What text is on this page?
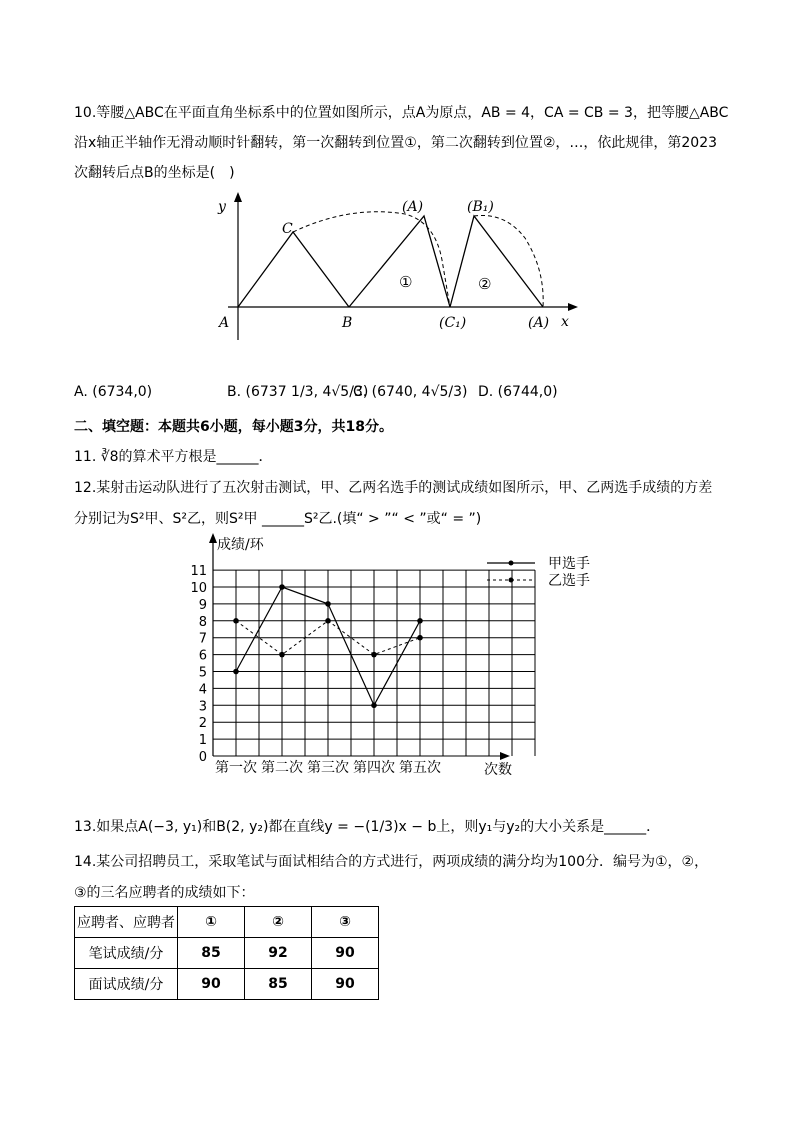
10.等腰△ABC在平面直角坐标系中的位置如图所示，点A为原点，AB = 4，CA = CB = 3，把等腰△ABC
沿x轴正半轴作无滑动顺时针翻转，第一次翻转到位置①，第二次翻转到位置②，…，依此规律，第2023
次翻转后点B的坐标是(　)
y
x
C
A	B
(A)	(B₁)
①	②
(C₁)	(A)
A. (6734,0)	B. (6737 1/3, 4√5/3)
C. (6740, 4√5/3) D. (6744,0)
二、填空题：本题共6小题，每小题3分，共18分。
11. ∛8的算术平方根是______．
12.某射击运动队进行了五次射击测试，甲、乙两名选手的测试成绩如图所示，甲、乙两选手成绩的方差
分别记为S²甲、S²乙，则S²甲 ______S²乙.(填“ > ”“ < ”或“ = ”)
0
1
2
3
4
5
6
7
8
9
10
11
第一次 第二次 第三次 第四次 第五次
甲选手
乙选手
成绩/环
次数
13.如果点A(−3, y₁)和B(2, y₂)都在直线y = −(1/3)x − b上，则y₁与y₂的大小关系是______．
14.某公司招聘员工，采取笔试与面试相结合的方式进行，两项成绩的满分均为100分．编号为①，②，
③的三名应聘者的成绩如下：
应聘者、应聘者	①	②	③
笔试成绩/分	85	92	90
面试成绩/分	90	85	90
